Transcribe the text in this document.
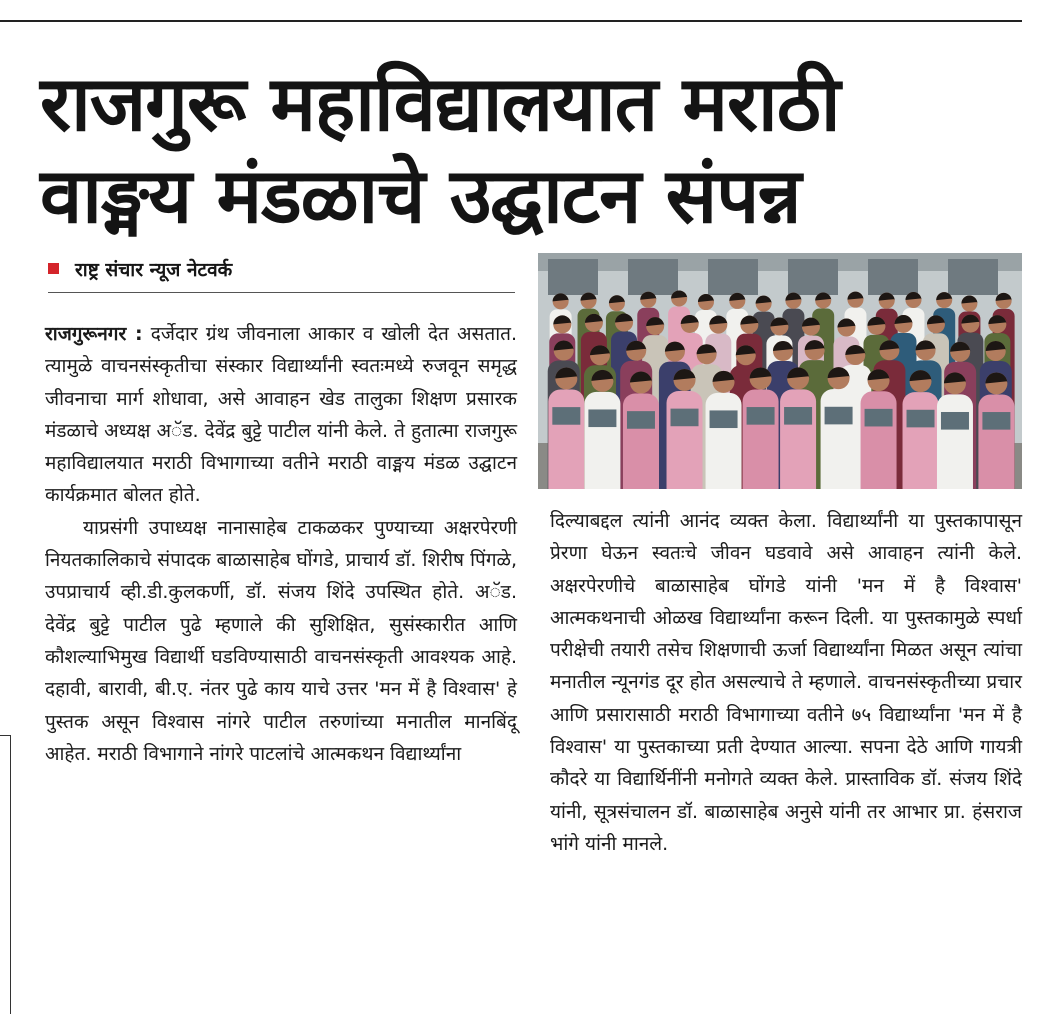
राजगुरू महाविद्यालयात मराठी
वाङ्मय मंडळाचे उद्घाटन संपन्न
राष्ट्र संचार न्यूज नेटवर्क

राजगुरूनगर : दर्जेदार ग्रंथ जीवनाला आकार व खोली देत असतात. त्यामुळे वाचनसंस्कृतीचा संस्कार विद्यार्थ्यांनी स्वतःमध्ये रुजवून समृद्ध जीवनाचा मार्ग शोधावा, असे आवाहन खेड तालुका शिक्षण प्रसारक मंडळाचे अध्यक्ष अॅड. देवेंद्र बुट्टे पाटील यांनी केले. ते हुतात्मा राजगुरू महाविद्यालयात मराठी विभागाच्या वतीने मराठी वाङ्मय मंडळ उद्घाटन कार्यक्रमात बोलत होते.

याप्रसंगी उपाध्यक्ष नानासाहेब टाकळकर पुण्याच्या अक्षरपेरणी नियतकालिकाचे संपादक बाळासाहेब घोंगडे, प्राचार्य डॉ. शिरीष पिंगळे, उपप्राचार्य व्ही.डी.कुलकर्णी, डॉ. संजय शिंदे उपस्थित होते. अॅड. देवेंद्र बुट्टे पाटील पुढे म्हणाले की सुशिक्षित, सुसंस्कारीत आणि कौशल्याभिमुख विद्यार्थी घडविण्यासाठी वाचनसंस्कृती आवश्यक आहे. दहावी, बारावी, बी.ए. नंतर पुढे काय याचे उत्तर 'मन में है विश्वास' हे पुस्तक असून विश्वास नांगरे पाटील तरुणांच्या मनातील मानबिंदू आहेत. मराठी विभागाने नांगरे पाटलांचे आत्मकथन विद्यार्थ्यांना

दिल्याबद्दल त्यांनी आनंद व्यक्त केला. विद्यार्थ्यांनी या पुस्तकापासून प्रेरणा घेऊन स्वतःचे जीवन घडवावे असे आवाहन त्यांनी केले. अक्षरपेरणीचे बाळासाहेब घोंगडे यांनी 'मन में है विश्वास' आत्मकथनाची ओळख विद्यार्थ्यांना करून दिली. या पुस्तकामुळे स्पर्धा परीक्षेची तयारी तसेच शिक्षणाची ऊर्जा विद्यार्थ्यांना मिळत असून त्यांचा मनातील न्यूनगंड दूर होत असल्याचे ते म्हणाले. वाचनसंस्कृतीच्या प्रचार आणि प्रसारासाठी मराठी विभागाच्या वतीने ७५ विद्यार्थ्यांना 'मन में है विश्वास' या पुस्तकाच्या प्रती देण्यात आल्या. सपना देठे आणि गायत्री कौदरे या विद्यार्थिनींनी मनोगते व्यक्त केले. प्रास्ताविक डॉ. संजय शिंदे यांनी, सूत्रसंचालन डॉ. बाळासाहेब अनुसे यांनी तर आभार प्रा. हंसराज भांगे यांनी मानले.
